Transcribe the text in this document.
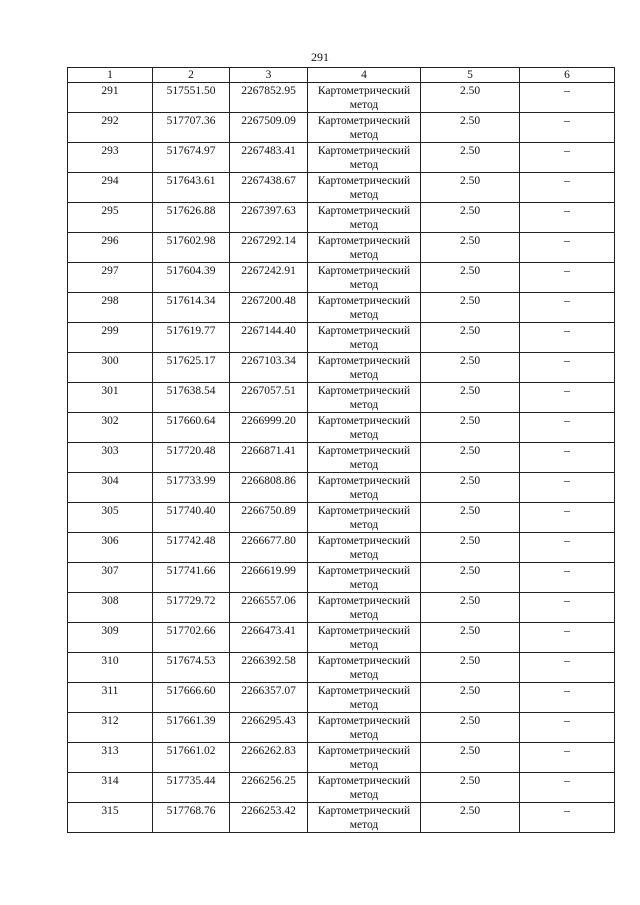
291
1	2	3	4	5	6

291	517551.50	2267852.95	Картометрический метод	2.50	–

292	517707.36	2267509.09	Картометрический метод	2.50	–

293	517674.97	2267483.41	Картометрический метод	2.50	–

294	517643.61	2267438.67	Картометрический метод	2.50	–

295	517626.88	2267397.63	Картометрический метод	2.50	–

296	517602.98	2267292.14	Картометрический метод	2.50	–

297	517604.39	2267242.91	Картометрический метод	2.50	–

298	517614.34	2267200.48	Картометрический метод	2.50	–

299	517619.77	2267144.40	Картометрический метод	2.50	–

300	517625.17	2267103.34	Картометрический метод	2.50	–

301	517638.54	2267057.51	Картометрический метод	2.50	–

302	517660.64	2266999.20	Картометрический метод	2.50	–

303	517720.48	2266871.41	Картометрический метод	2.50	–

304	517733.99	2266808.86	Картометрический метод	2.50	–

305	517740.40	2266750.89	Картометрический метод	2.50	–

306	517742.48	2266677.80	Картометрический метод	2.50	–

307	517741.66	2266619.99	Картометрический метод	2.50	–

308	517729.72	2266557.06	Картометрический метод	2.50	–

309	517702.66	2266473.41	Картометрический метод	2.50	–

310	517674.53	2266392.58	Картометрический метод	2.50	–

311	517666.60	2266357.07	Картометрический метод	2.50	–

312	517661.39	2266295.43	Картометрический метод	2.50	–

313	517661.02	2266262.83	Картометрический метод	2.50	–

314	517735.44	2266256.25	Картометрический метод	2.50	–

315	517768.76	2266253.42	Картометрический метод	2.50	–
